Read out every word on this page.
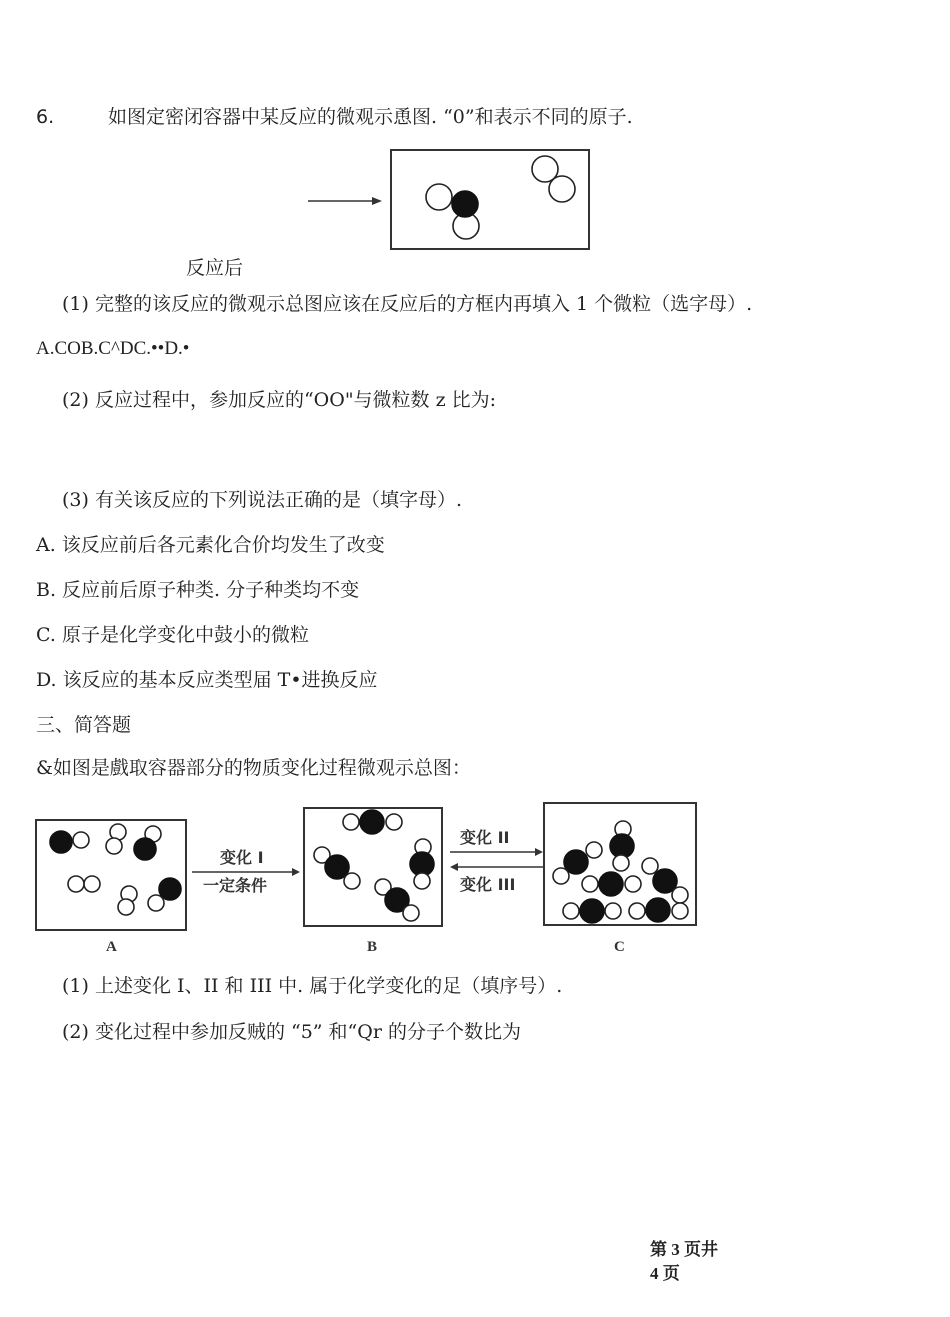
6.	如图定密闭容器中某反应的微观示恿图. “0”和表示不同的原子.
反应后
(1) 完整的该反应的微观示总图应该在反应后的方框内再填入 1 个微粒（选字母）.
A.COB.C^DC.••D.•
(2) 反应过程中，参加反应的“OO"与微粒数 z 比为:
(3) 有关该反应的下列说法正确的是（填字母）.
A. 该反应前后各元素化合价均发生了改变
B. 反应前后原子种类. 分子种类均不变
C. 原子是化学变化中鼓小的微粒
D. 该反应的基本反应类型届 T•进换反应
三、简答题
&如图是戲取容器部分的物质变化过程微观示总图：
变化 I
一定条件
变化 II
变化 III
A	B	C
(1) 上述变化 I、II 和 III 中. 属于化学变化的足（填序号）.
(2) 变化过程中参加反贼的 “5” 和“Qr 的分子个数比为
第 3 页井
4 页
